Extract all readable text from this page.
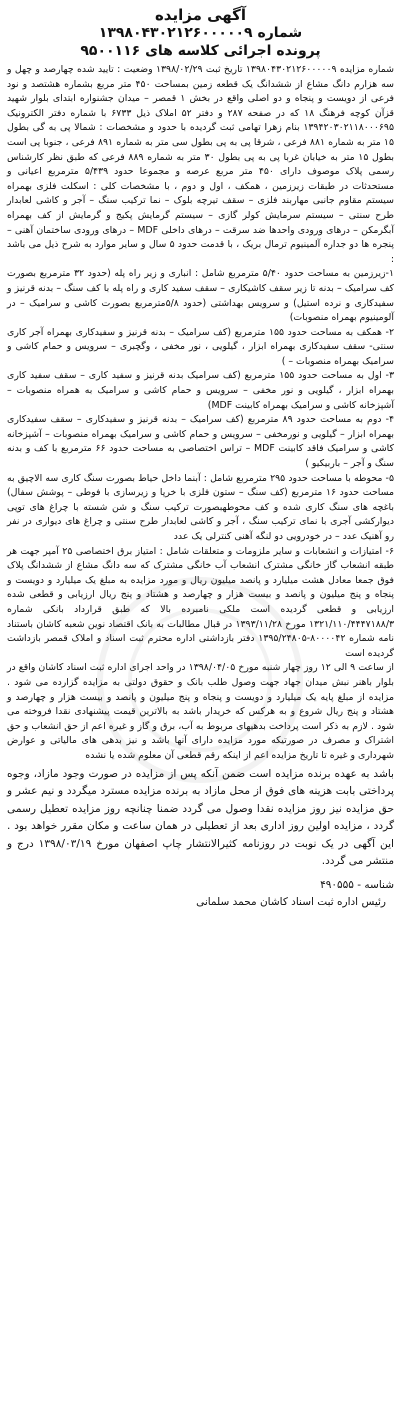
آگهی مزایده
شماره ۱۳۹۸۰۴۳۰۲۱۲۶۰۰۰۰۰۹
پرونده اجرائی کلاسه های ۹۵۰۰۱۱۶

شماره مزایده ۱۳۹۸۰۴۳۰۲۱۲۶۰۰۰۰۰۹ تاریخ ثبت ۱۳۹۸/۰۲/۲۹ وضعیت : تایید شده چهارصد و چهل و سه هزارم دانگ مشاع از ششدانگ یک قطعه زمین بمساحت ۴۵۰ متر مربع بشماره هشتصد و نود فرعی از دویست و پنجاه و دو اصلی واقع در بخش ۱ قمصر – میدان جشنواره ابتدای بلوار شهید قزآن کوچه فرهنگ ۱۸ که در صفحه ۲۸۷ و دفتر ۵۲ املاک ذیل ۶۷۳۳ با شماره دفتر الکترونیک ۱۳۹۴۲۰۳۰۲۱۱۸۰۰۰۶۹۵ بنام زهرا تهامی ثبت گردیده با حدود و مشخصات : شمالا پی به گی بطول ۱۵ متر به شماره ۸۸۱ فرعی ، شرقا پی به پی بطول سی متر به شماره ۸۹۱ فرعی ، جنوبا پی است بطول ۱۵ متر به خیابان غربا پی به پی بطول ۳۰ متر به شماره ۸۸۹ فرعی که طبق نظر کارشناس رسمی پلاک موصوف دارای ۴۵۰ متر مربع عرصه و مجموعا حدود ۵/۴۳۹ مترمربع اعیانی و مستحدثات در طبقات زیرزمین ، همکف ، اول و دوم ، با مشخصات کلی : اسکلت فلزی بهمراه سیستم مقاوم جانبی مهاربند فلزی – سقف تیرچه بلوک – نما ترکیب سنگ – آجر و کاشی لعابدار طرح سنتی – سیستم سرمایش کولر گازی – سیستم گرمایش پکیج و گرمایش از کف بهمراه آبگرمکن – درهای ورودی واحدها ضد سرقت – درهای داخلی MDF – درهای ورودی ساختمان آهنی – پنجره ها دو جداره آلمینیوم ترمال بریک ، با قدمت حدود ۵ سال و سایر موارد به شرح ذیل می باشد :

۱-زیرزمین به مساحت حدود ۵/۴۰ مترمربع شامل : انباری و زیر راه پله (حدود ۳۲ مترمربع بصورت کف سرامیک – بدنه تا زیر سقف کاشیکاری – سقف سفید کاری و راه پله با کف سنگ – بدنه قرنیز و سفیدکاری و نرده استیل) و سرویس بهداشتی (حدود ۵/۸مترمربع بصورت کاشی و سرامیک – در آلومینیوم بهمراه منصوبات)

۲- همکف به مساحت حدود ۱۵۵ مترمربع (کف سرامیک – بدنه قرنیز و سفیدکاری بهمراه آجر کاری سنتی- سقف سفیدکاری بهمراه ابزار ، گیلویی ، نور مخفی ، وگچبری – سرویس و حمام کاشی و سرامیک بهمراه منصوبات – )

۳- اول به مساحت حدود ۱۵۵ مترمربع (کف سرامیک بدنه قرنیز و سفید کاری – سقف سفید کاری بهمراه ابزار ، گیلویی و نور مخفی – سرویس و حمام کاشی و سرامیک به همراه منصوبات – آشپزخانه کاشی و سرامیک بهمراه کابینت MDF)

۴- دوم به مساحت حدود ۸۹ مترمربع (کف سرامیک – بدنه قرنیز و سفیدکاری – سقف سفیدکاری بهمراه ابزار – گیلویی و نورمخفی – سرویس و حمام کاشی و سرامیک بهمراه منصوبات – آشپزخانه کاشی و سرامیک فاقد کابینت MDF – تراس اختصاصی به مساحت حدود ۶۶ مترمربع با کف و بدنه سنگ و آجر – باربیکیو )

۵- محوطه با مساحت حدود ۲۹۵ مترمربع شامل : آبنما داخل حیاط بصورت سنگ کاری سه الاچیق به مساحت حدود ۱۶ مترمربع (کف سنگ – ستون فلزی با خرپا و زیرسازی با فوطی – پوشش سفال) باغچه های سنگ کاری شده و کف محوطهبصورت ترکیب سنگ و شن شسته با چراغ های توپی دیوارکشی آجری با نمای ترکیب سنگ ، آجر و کاشی لعابدار طرح سنتی و چراغ های دیواری در نفر رو آهنیک عدد – در خودرویی دو لنگه آهنی کنترلی یک عدد

۶- امتیازات و انشعابات و سایر ملزومات و متعلقات شامل : امتیاز برق اختصاصی ۲۵ آمپر جهت هر طبقه انشعاب گاز خانگی مشترک انشعاب آب خانگی مشترک که سه دانگ مشاع از ششدانگ پلاک فوق جمعا معادل هشت میلیارد و پانصد میلیون ریال و مورد مزایده به مبلغ یک میلیارد و دویست و پنجاه و پنج میلیون و پانصد و بیست هزار و چهارصد و هشتاد و پنج ریال ارزیابی و قطعی شده ارزیابی و قطعی گردیده است ملکی نامبرده بالا که طبق قرارداد بانکی شماره ۱۳۲۱/۱۱۰/۴۴۴۷۱۸۸/۳ مورخ ۱۳۹۳/۱۱/۲۸ در قبال مطالبات به بانک اقتصاد نوین شعبه کاشان باستناد نامه شماره ۸۰۰۰۰۴۲-۱۳۹۵/۲۴۸۰۵ دفتر بازداشتی اداره محترم ثبت اسناد و املاک قمصر بازداشت گردیده است

از ساعت ۹ الی ۱۲ روز چهار شنبه مورخ ۱۳۹۸/۰۴/۰۵ در واحد اجرای اداره ثبت اسناد کاشان واقع در بلوار باهنر نبش میدان جهاد جهت وصول طلب بانک و حقوق دولتی به مزایده گزارده می شود . مزایده از مبلغ پایه یک میلیارد و دویست و پنجاه و پنج میلیون و پانصد و بیست هزار و چهارصد و هشتاد و پنج ریال شروع و به هرکس که خریدار باشد به بالاترین قیمت پیشنهادی نقدا فروخته می شود . لازم به ذکر است پرداخت بدهیهای مربوط به آب، برق و گاز و غیره اعم از حق انشعاب و حق اشتراک و مصرف در صورتیکه مورد مزایده دارای آنها باشد و نیز بدهی های مالیاتی و عوارض شهرداری و غیره تا تاریخ مزایده اعم از اینکه رقم قطعی آن معلوم شده یا نشده

باشد به عهده برنده مزایده است ضمن آنکه پس از مزایده در صورت وجود مازاد، وجوه پرداختی بابت هزینه های فوق از محل مازاد به برنده مزایده مسترد میگردد و نیم عشر و حق مزایده نیز روز مزایده نقدا وصول می گردد ضمنا چنانچه روز مزایده تعطیل رسمی گردد ، مزایده اولین روز اداری بعد از تعطیلی در همان ساعت و مکان مقرر خواهد بود . این آگهی در یک نوبت در روزنامه کثیرالانتشار چاپ اصفهان مورخ ۱۳۹۸/۰۳/۱۹ درج و منتشر می گردد.
شناسه - ۴۹۰۵۵۵
رئیس اداره ثبت اسناد کاشان محمد سلمانی
